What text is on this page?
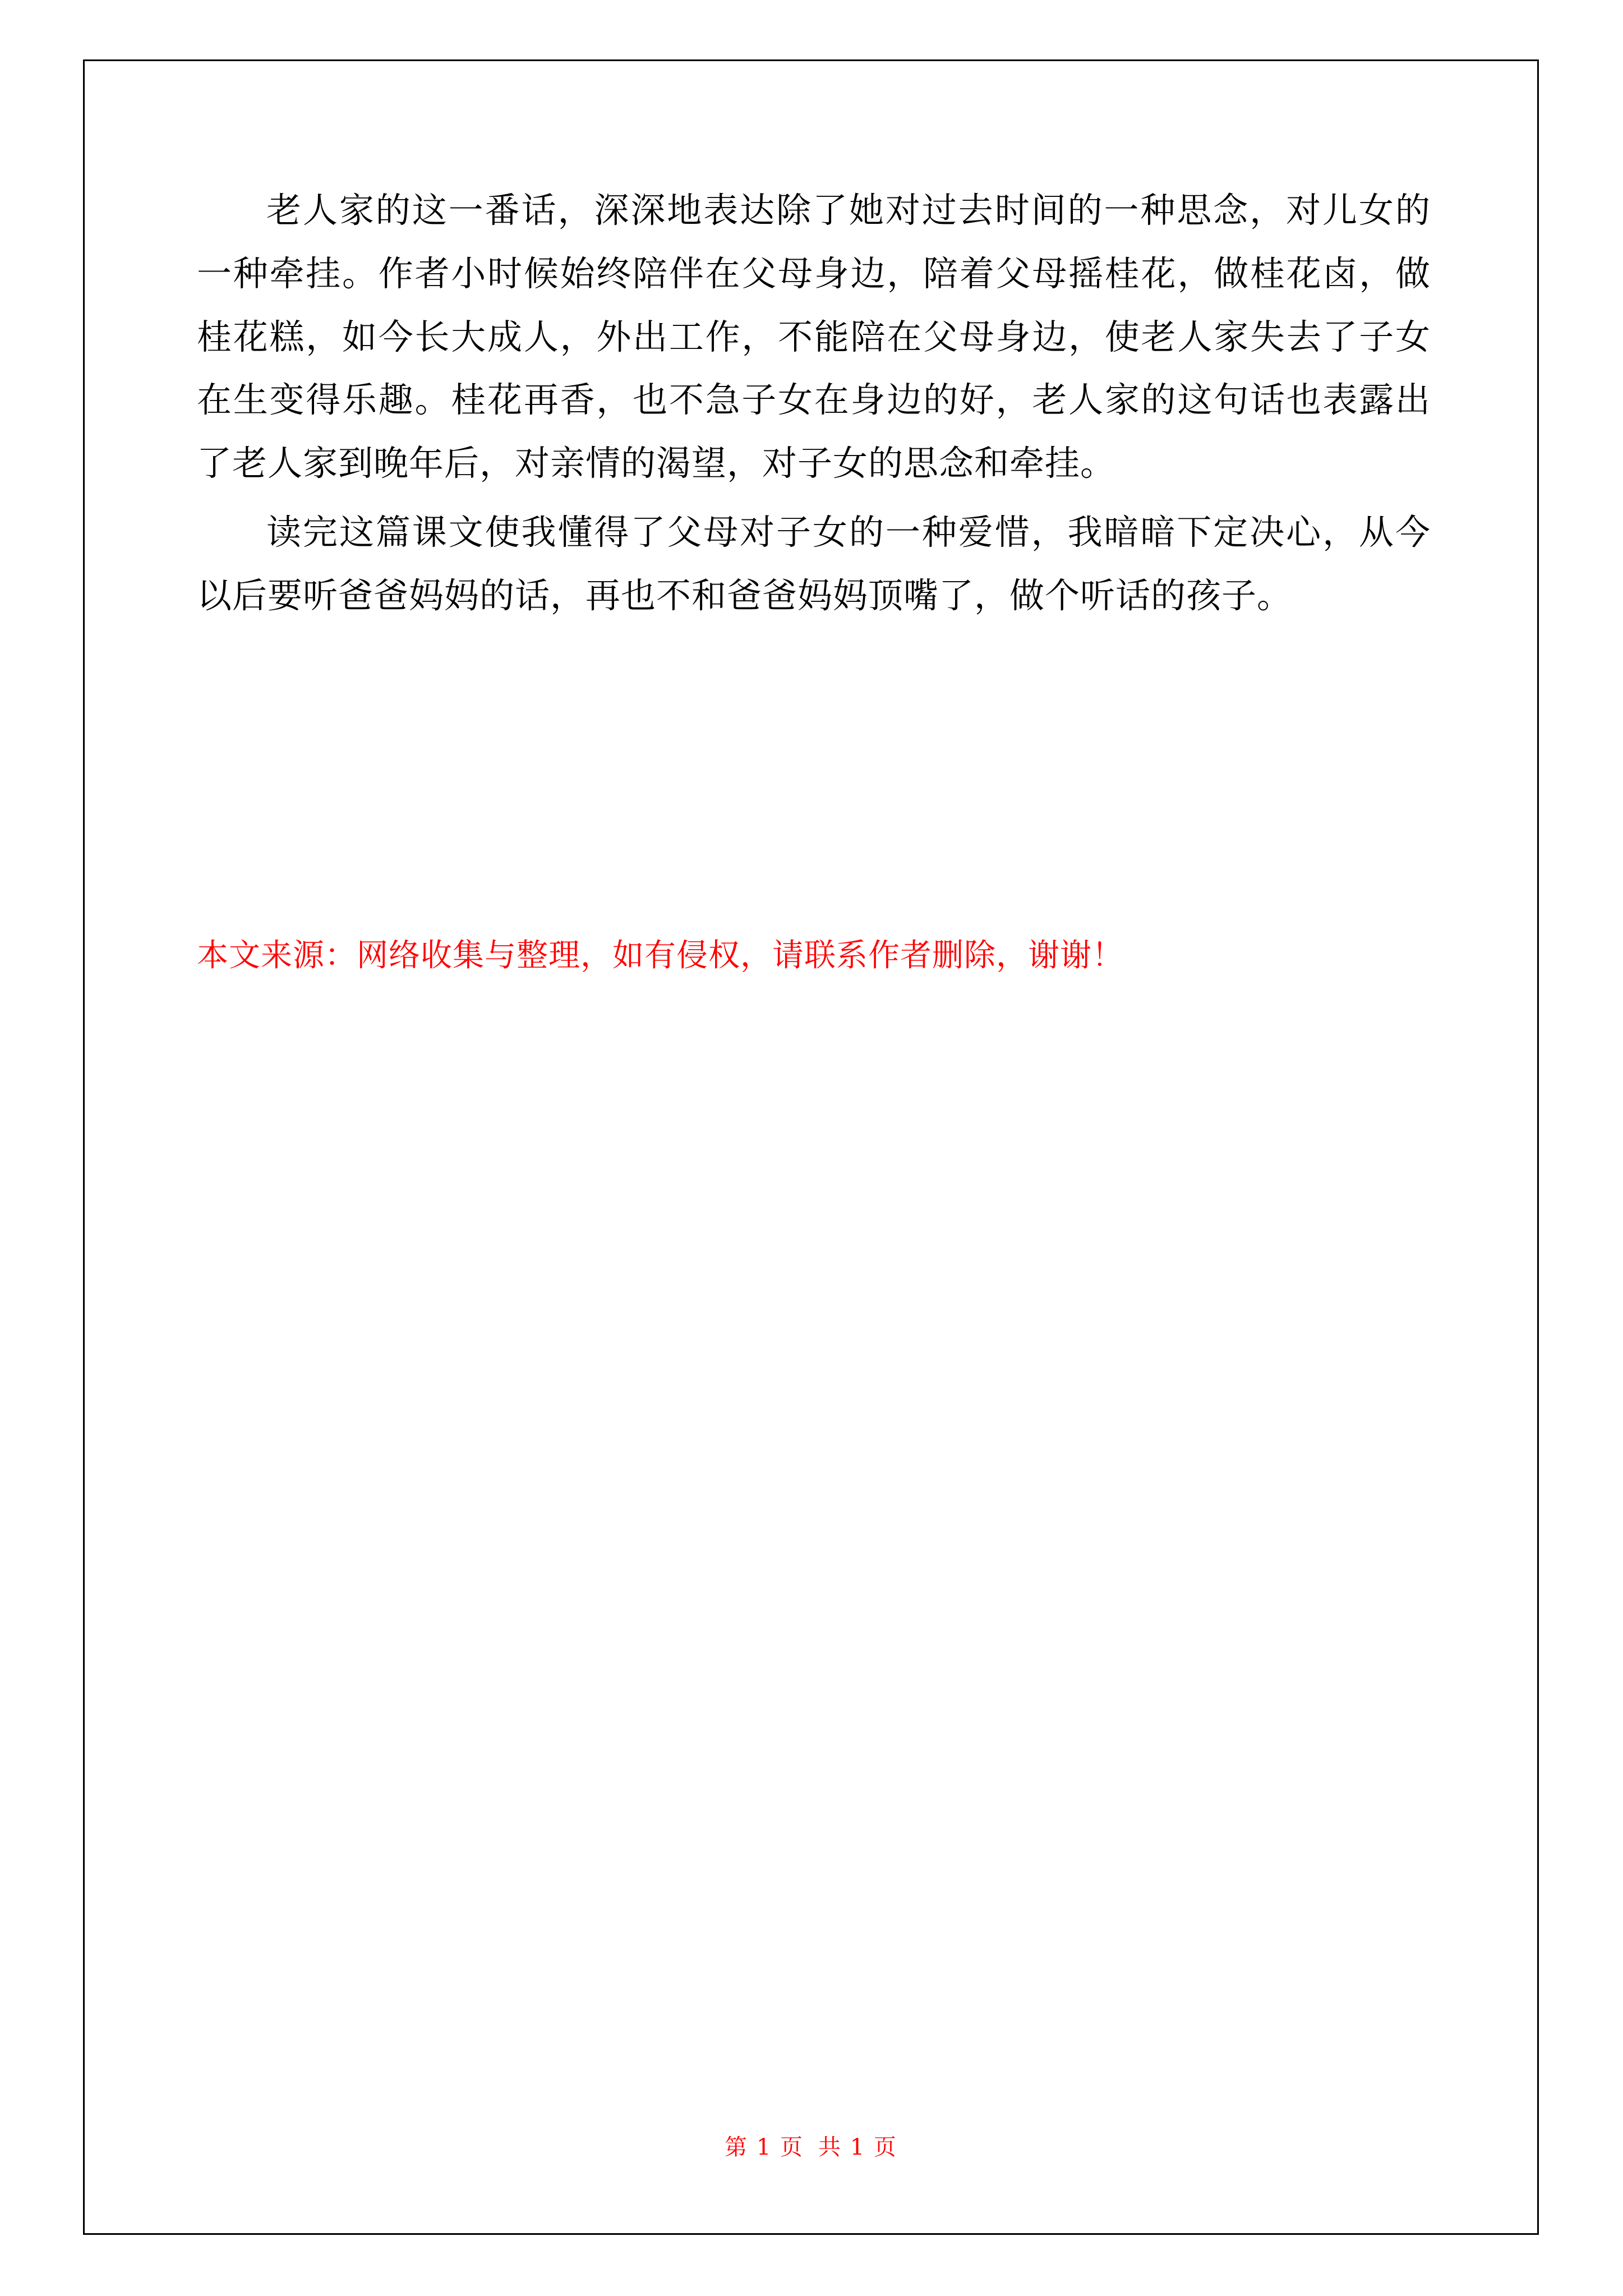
老人家的这一番话，深深地表达除了她对过去时间的一种思念，对儿女的一种牵挂。作者小时候始终陪伴在父母身边，陪着父母摇桂花，做桂花卤，做桂花糕，如今长大成人，外出工作，不能陪在父母身边，使老人家失去了子女在生变得乐趣。桂花再香，也不急子女在身边的好，老人家的这句话也表露出了老人家到晚年后，对亲情的渴望，对子女的思念和牵挂。

读完这篇课文使我懂得了父母对子女的一种爱惜，我暗暗下定决心，从今以后要听爸爸妈妈的话，再也不和爸爸妈妈顶嘴了，做个听话的孩子。

本文来源：网络收集与整理，如有侵权，请联系作者删除，谢谢！

第 1 页 共 1 页
